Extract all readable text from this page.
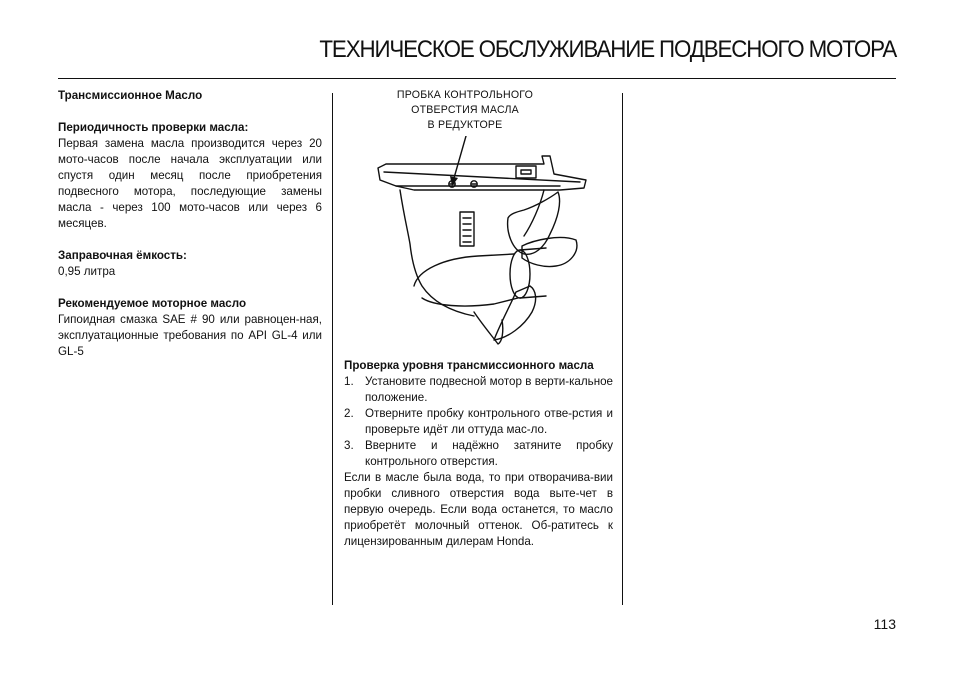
ТЕХНИЧЕСКОЕ ОБСЛУЖИВАНИЕ ПОДВЕСНОГО МОТОРА
Трансмиссионное Масло
Периодичность проверки масла:

Первая замена масла производится через 20 мото-часов после начала эксплуатации или спустя один месяц после приобретения подвесного мотора, последующие замены масла - через 100 мото-часов или через 6 месяцев.

Заправочная ёмкость:

0,95 литра

Рекомендуемое моторное масло

Гипоидная смазка SAE # 90 или равноцен-ная, эксплуатационные требования по API GL-4 или GL-5

ПРОБКА КОНТРОЛЬНОГО
ОТВЕРСТИЯ МАСЛА
В РЕДУКТОРЕ

Проверка уровня трансмиссионного масла

1. Установите подвесной мотор в верти-кальное положение.
2. Отверните пробку контрольного отве-рстия и проверьте идёт ли оттуда мас-ло.
3. Вверните и надёжно затяните пробку контрольного отверстия.

Если в масле была вода, то при отворачива-вии пробки сливного отверстия вода выте-чет в первую очередь. Если вода останется, то масло приобретёт молочный оттенок. Об-ратитесь к лицензированным дилерам Honda.

113
